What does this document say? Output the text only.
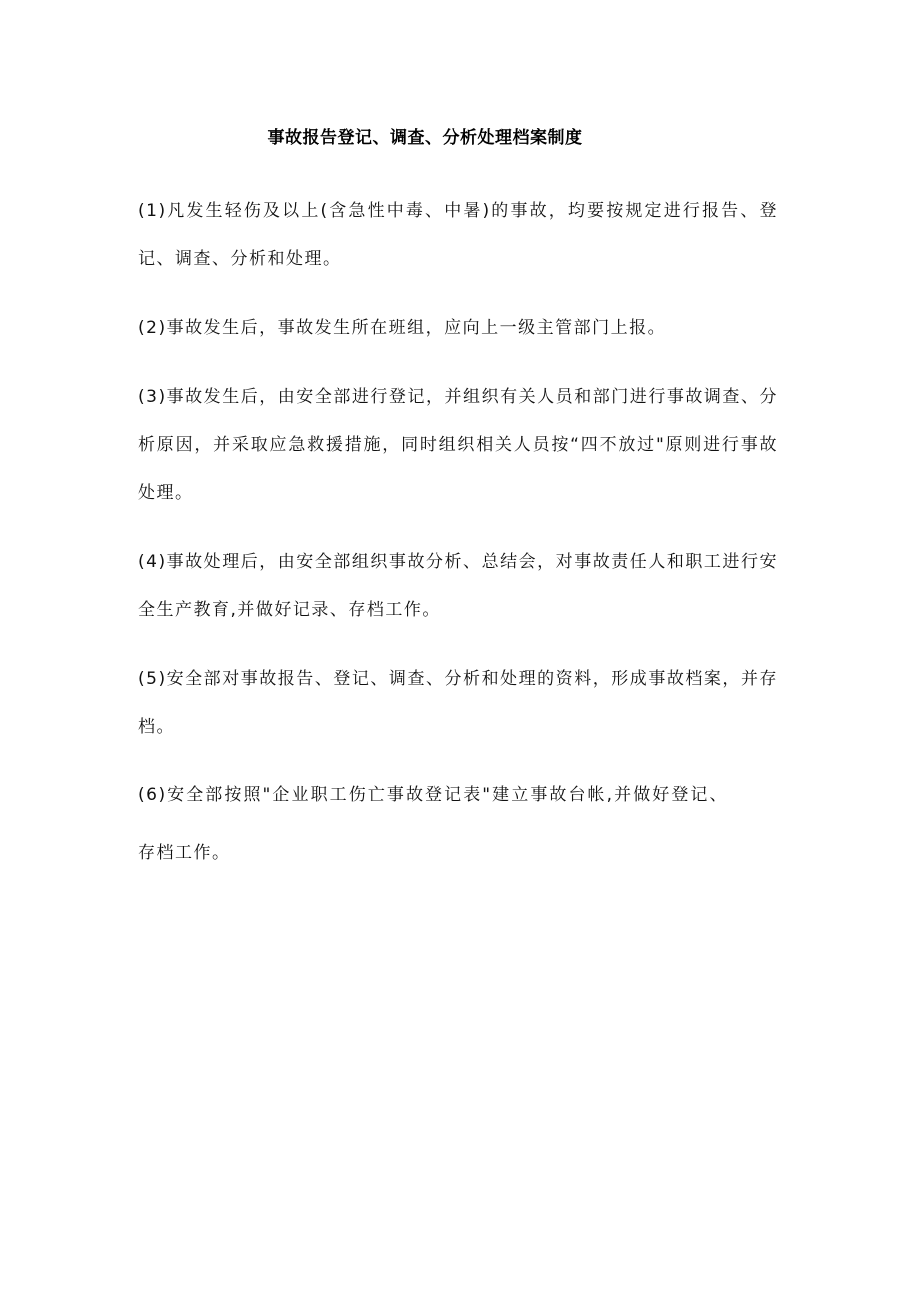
事故报告登记、调查、分析处理档案制度

(1)凡发生轻伤及以上(含急性中毒、中暑)的事故，均要按规定进行报告、登记、调查、分析和处理。

(2)事故发生后，事故发生所在班组，应向上一级主管部门上报。

(3)事故发生后，由安全部进行登记，并组织有关人员和部门进行事故调查、分析原因，并采取应急救援措施，同时组织相关人员按“四不放过"原则进行事故处理。

(4)事故处理后，由安全部组织事故分析、总结会，对事故责任人和职工进行安全生产教育,并做好记录、存档工作。

(5)安全部对事故报告、登记、调查、分析和处理的资料，形成事故档案，并存档。

(6)安全部按照"企业职工伤亡事故登记表"建立事故台帐,并做好登记、存档工作。
